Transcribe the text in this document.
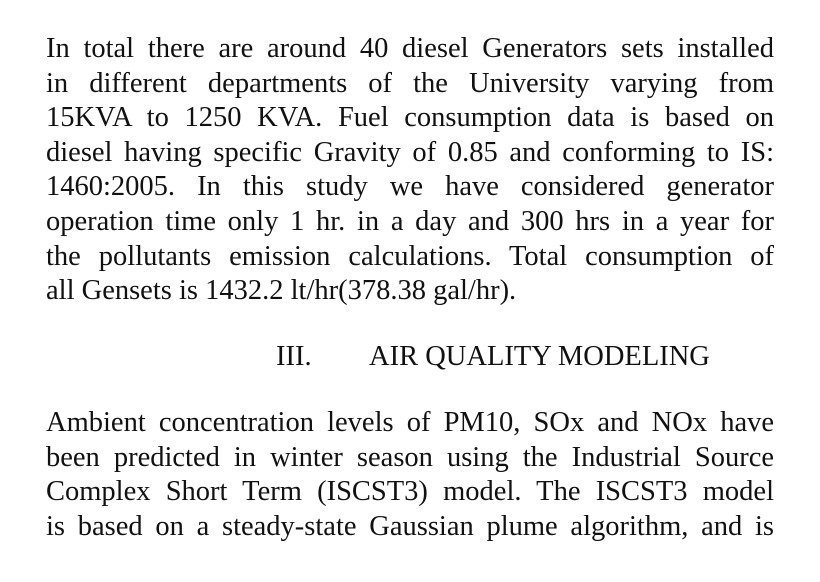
In total there are around 40 diesel Generators sets installed
in different departments of the University varying from
15KVA to 1250 KVA. Fuel consumption data is based on
diesel having specific Gravity of 0.85 and conforming to IS:
1460:2005. In this study we have considered generator
operation time only 1 hr. in a day and 300 hrs in a year for
the pollutants emission calculations. Total consumption of
all Gensets is 1432.2 lt/hr(378.38 gal/hr).

III. AIR QUALITY MODELING

Ambient concentration levels of PM10, SOx and NOx have
been predicted in winter season using the Industrial Source
Complex Short Term (ISCST3) model. The ISCST3 model
is based on a steady-state Gaussian plume algorithm, and is
